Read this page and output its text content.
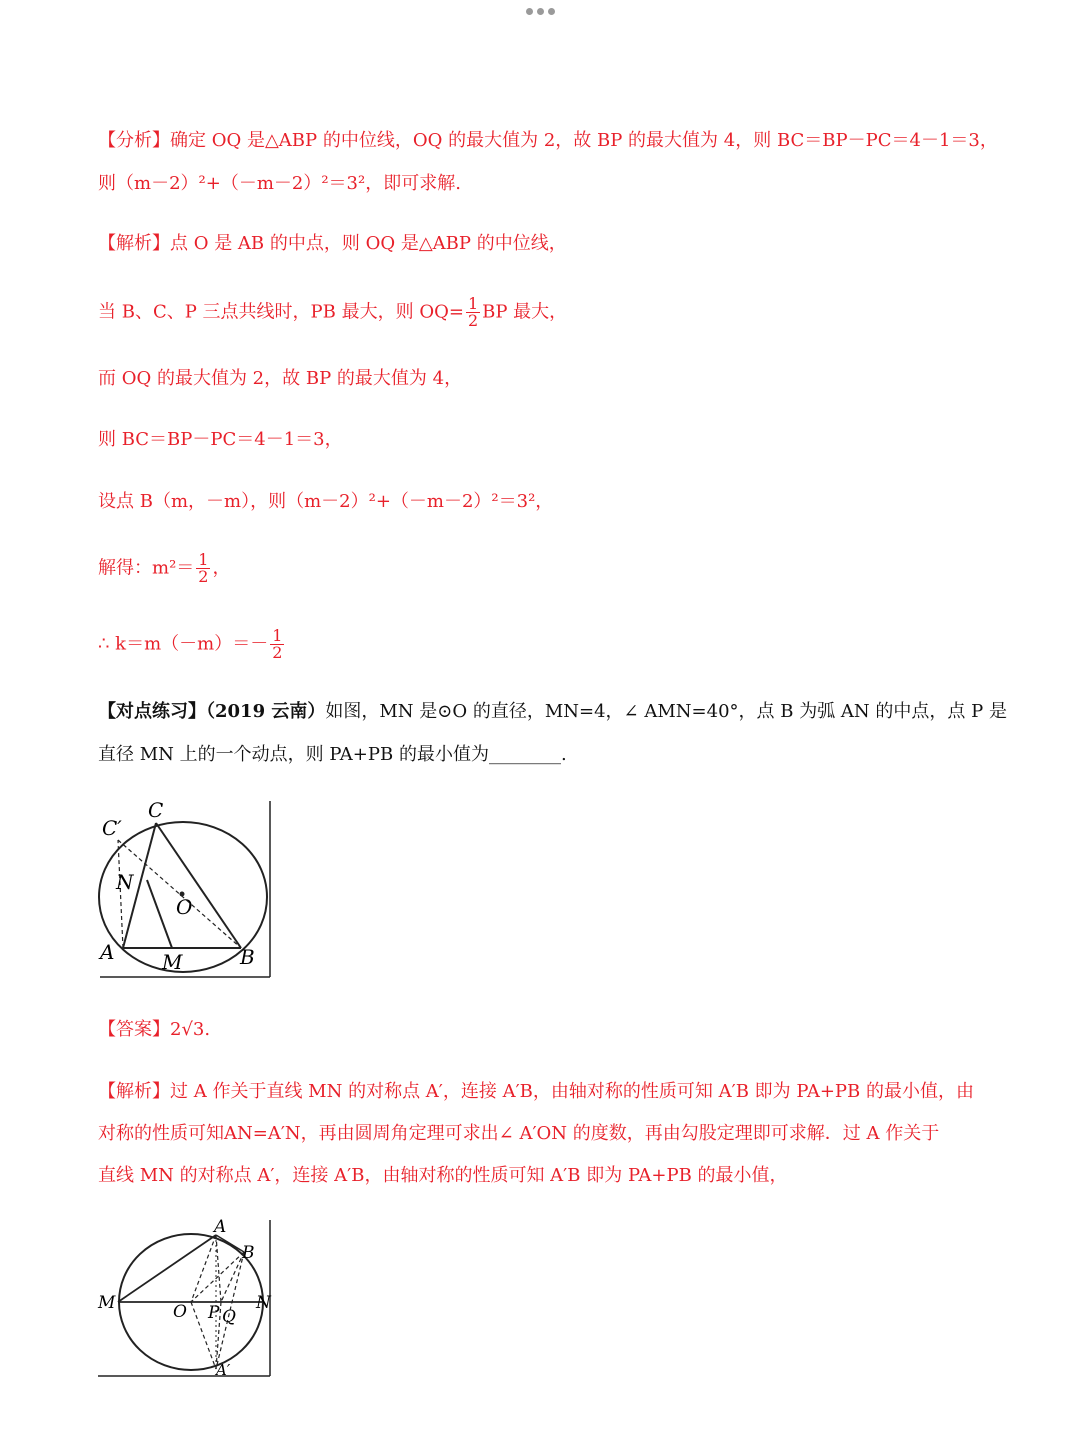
【分析】确定 OQ 是△ABP 的中位线，OQ 的最大值为 2，故 BP 的最大值为 4，则 BC＝BP－PC＝4－1＝3，
则（m－2）²+（－m－2）²＝3²，即可求解.
【解析】点 O 是 AB 的中点，则 OQ 是△ABP 的中位线，
当 B、C、P 三点共线时，PB 最大，则 $OQ= \frac{1}{2}$ BP 最大，
而 OQ 的最大值为 2，故 BP 的最大值为 4，
则 BC＝BP－PC＝4－1＝3，
设点 B（m，－m），则（m－2）²+（－m－2）²＝3²，
解得：$m^2= \frac{1}{2}$ ，
∴ $k=m(-m)=- \frac{1}{2}$
【对点练习】（2019 云南）如图，MN 是⊙O 的直径，MN=4，∠ AMN=40°，点 B 为弧 AN 的中点，点 P 是
直径 MN 上的一个动点，则 PA+PB 的最小值为________.
C
C′
N
O
A M	B
【答案】2√3.
【解析】过 A 作关于直线 MN 的对称点 A′，连接 A′B，由轴对称的性质可知 A′B 即为 PA+PB 的最小值，由
对称的性质可知AN=A′N，再由圆周角定理可求出∠ A′ON 的度数，再由勾股定理即可求解．过 A 作关于
直线 MN 的对称点 A′，连接 A′B，由轴对称的性质可知 A′B 即为 PA+PB 的最小值，
A
B
M	N
O P Q
A′
